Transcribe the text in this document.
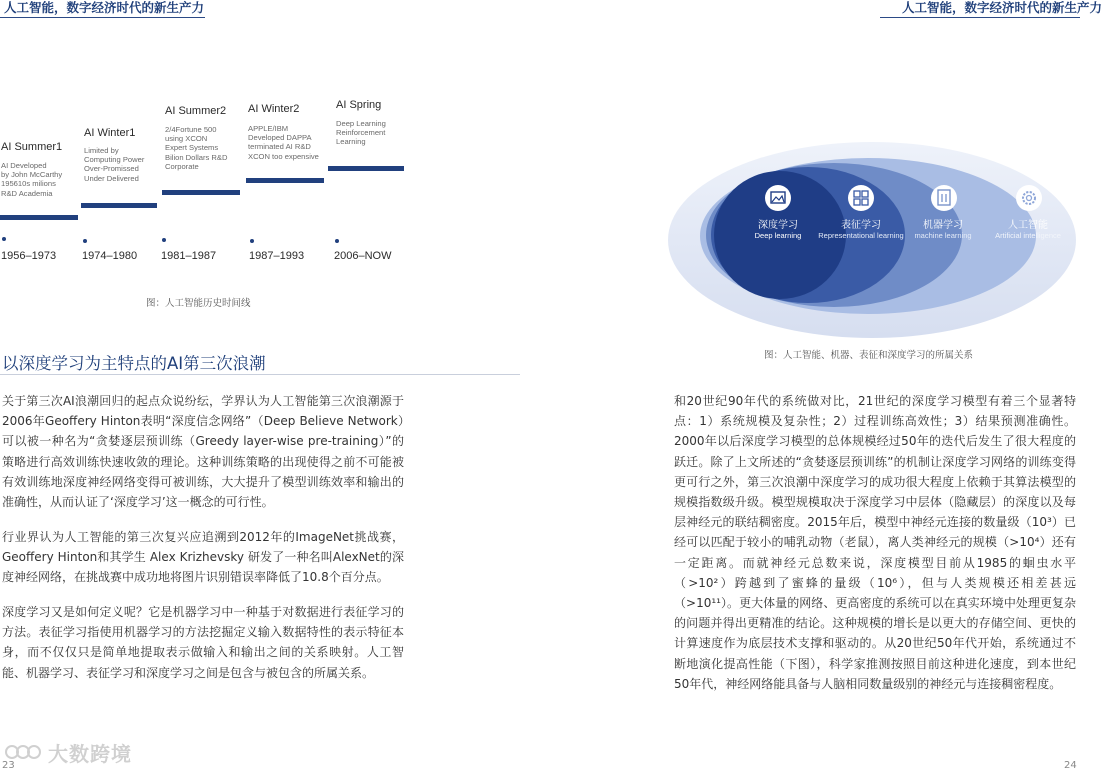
人工智能，数字经济时代的新生产力	人工智能，数字经济时代的新生产力
AI Summer1
AI Developed
by John McCarthy
195610s milions
R&D Academia
1956–1973
AI Winter1
Limited by
Computing Power
Over-Promissed
Under Delivered
1974–1980
AI Summer2
2/4Fortune 500
using XCON
Expert Systems
Bilion Dollars R&D
Corporate
1981–1987
AI Winter2
APPLE/IBM
Developed DAPPA
terminated AI R&D
XCON too expensive
1987–1993
AI Spring
Deep Learning
Reinforcement
Learning
2006–NOW
图：人工智能历史时间线
以深度学习为主特点的AI第三次浪潮

关于第三次AI浪潮回归的起点众说纷纭，学界认为人工智能第三次浪潮源于2006年Geoffery Hinton表明“深度信念网络”（Deep Believe Network）可以被一种名为“贪婪逐层预训练（Greedy layer-wise pre-training）”的策略进行高效训练快速收敛的理论。这种训练策略的出现使得之前不可能被有效训练地深度神经网络变得可被训练，大大提升了模型训练效率和输出的准确性，从而认证了‘深度学习’这一概念的可行性。

行业界认为人工智能的第三次复兴应追溯到2012年的ImageNet挑战赛，Geoffery Hinton和其学生 Alex Krizhevsky 研发了一种名叫AlexNet的深度神经网络，在挑战赛中成功地将图片识别错误率降低了10.8个百分点。

深度学习又是如何定义呢？它是机器学习中一种基于对数据进行表征学习的方法。表征学习指使用机器学习的方法挖掘定义输入数据特性的表示特征本身，而不仅仅只是简单地提取表示做输入和输出之间的关系映射。人工智能、机器学习、表征学习和深度学习之间是包含与被包含的所属关系。

深度学习
Deep learning
表征学习
Representational learning
机器学习
machine learning
人工智能
Artificial intelligence
图：人工智能、机器、表征和深度学习的所属关系

和20世纪90年代的系统做对比，21世纪的深度学习模型有着三个显著特点：1）系统规模及复杂性；2）过程训练高效性；3）结果预测准确性。2000年以后深度学习模型的总体规模经过50年的迭代后发生了很大程度的跃迁。除了上文所述的“贪婪逐层预训练”的机制让深度学习网络的训练变得更可行之外，第三次浪潮中深度学习的成功很大程度上依赖于其算法模型的规模指数级升级。模型规模取决于深度学习中层体（隐藏层）的深度以及每层神经元的联结稠密度。2015年后，模型中神经元连接的数量级（10³）已经可以匹配于较小的哺乳动物（老鼠），离人类神经元的规模（>10⁴）还有一定距离。而就神经元总数来说，深度模型目前从1985的蛔虫水平（>10²）跨越到了蜜蜂的量级（10⁶），但与人类规模还相差甚远（>10¹¹）。更大体量的网络、更高密度的系统可以在真实环境中处理更复杂的问题并得出更精准的结论。这种规模的增长是以更大的存储空间、更快的计算速度作为底层技术支撑和驱动的。从20世纪50年代开始，系统通过不断地演化提高性能（下图），科学家推测按照目前这种进化速度，到本世纪50年代，神经网络能具备与人脑相同数量级别的神经元与连接稠密程度。

23	24
大数跨境
